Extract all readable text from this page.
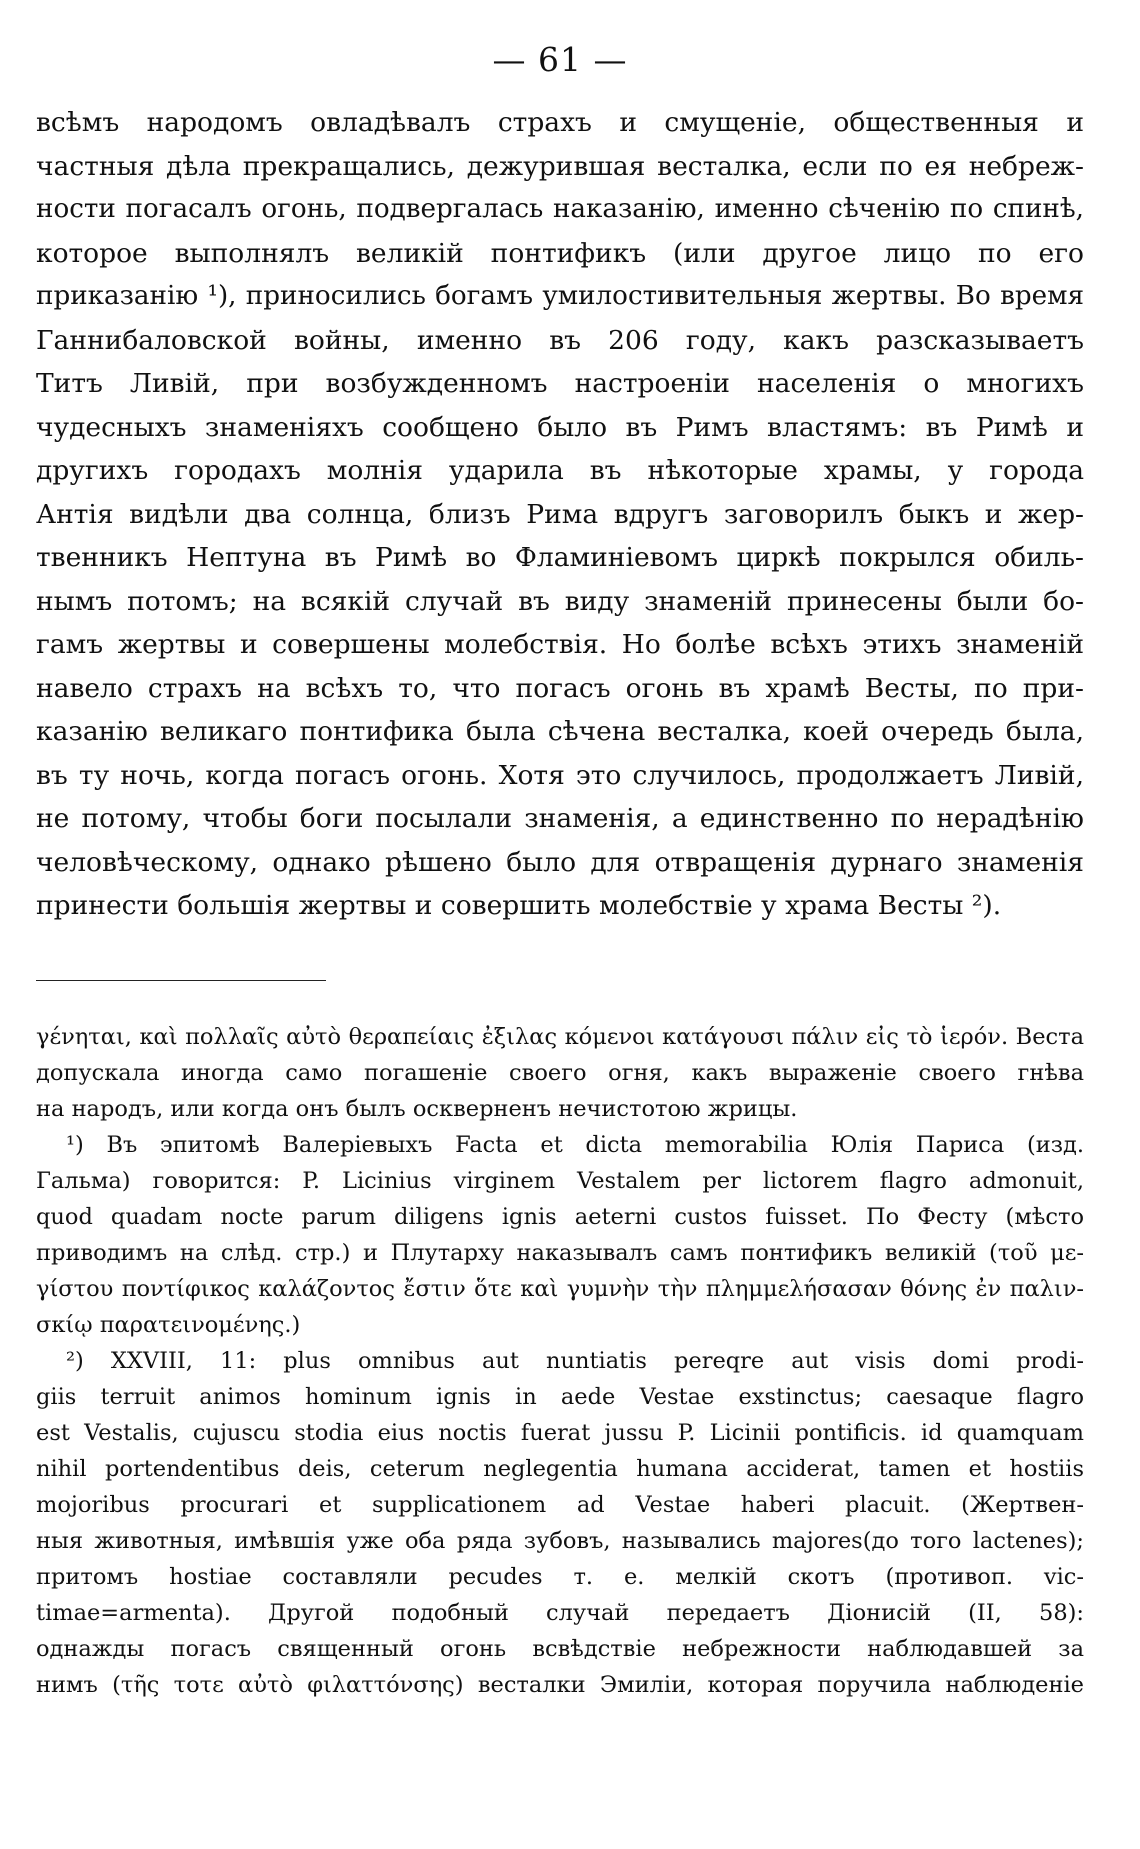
— 61 —

всѣмъ народомъ овладѣвалъ страхъ и смущеніе, общественныя и

частныя дѣла прекращались, дежурившая весталка, если по ея небреж-

ности погасалъ огонь, подвергалась наказанію, именно сѣченію по спинѣ,

которое выполнялъ великій понтификъ (или другое лицо по его

приказанію ¹), приносились богамъ умилостивительныя жертвы. Во время

Ганнибаловской войны, именно въ 206 году, какъ разсказываетъ

Титъ Ливій, при возбужденномъ настроеніи населенія о многихъ

чудесныхъ знаменіяхъ сообщено было въ Римъ властямъ: въ Римѣ и

другихъ городахъ молнія ударила въ нѣкоторые храмы, у города

Антія видѣли два солнца, близъ Рима вдругъ заговорилъ быкъ и жер-

твенникъ Нептуна въ Римѣ во Фламиніевомъ циркѣ покрылся обиль-

нымъ потомъ; на всякій случай въ виду знаменій принесены были бо-

гамъ жертвы и совершены молебствія. Но болѣе всѣхъ этихъ знаменій

навело страхъ на всѣхъ то, что погасъ огонь въ храмѣ Весты, по при-

казанію великаго понтифика была сѣчена весталка, коей очередь была,

въ ту ночь, когда погасъ огонь. Хотя это случилось, продолжаетъ Ливій,

не потому, чтобы боги посылали знаменія, а единственно по нерадѣнію

человѣческому, однако рѣшено было для отвращенія дурнаго знаменія

принести большія жертвы и совершить молебствіе у храма Весты ²).

γένηται, καὶ πολλαῖς αὐτὸ θεραπείαις ἐξιλας κόμενοι κατάγουσι πάλιν εἰς τὸ ἱερόν. Веста

допускала иногда само погашеніе своего огня, какъ выраженіе своего гнѣва

на народъ, или когда онъ былъ оскверненъ нечистотою жрицы.

¹) Въ эпитомѣ Валеріевыхъ Facta et dicta memorabilia Юлія Париса (изд.

Гальма) говорится: P. Licinius virginem Vestalem per lictorem flagro admonuit,

quod quadam nocte parum diligens ignis aeterni custos fuisset. По Фесту (мѣсто

приводимъ на слѣд. стр.) и Плутарху наказывалъ самъ понтификъ великій (τοῦ με-

γίστου ποντίφικος καλάζοντος ἔστιν ὅτε καὶ γυμνὴν τὴν πλημμελήσασαν θόνης ἐν παλιν-

σκίῳ παρατεινομένης.)

²) XXVIII, 11: plus omnibus aut nuntiatis pereqre aut visis domi prodi-

giis terruit animos hominum ignis in aede Vestae exstinctus; caesaque flagro

est Vestalis, cujuscu stodia eius noctis fuerat jussu P. Licinii pontificis. id quamquam

nihil portendentibus deis, ceterum neglegentia humana acciderat, tamen et hostiis

mojoribus procurari et supplicationem ad Vestae haberi placuit. (Жертвен-

ныя животныя, имѣвшія уже оба ряда зубовъ, назывались majores(до того lactenes);

притомъ hostiae составляли pecudes т. е. мелкій скотъ (противоп. vic-

timae=armenta). Другой подобный случай передаетъ Діонисій (II, 58):

однажды погасъ священный огонь всвѣдствіе небрежности наблюдавшей за

нимъ (τῆς τοτε αὐτὸ φιλαττόνσης) весталки Эмиліи, которая поручила наблюденіе
